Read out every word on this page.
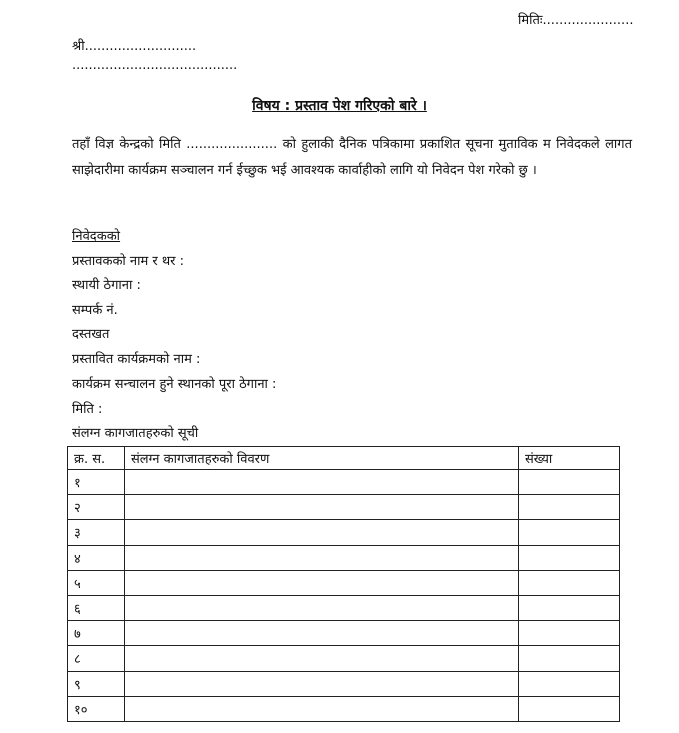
मितिः......................
श्री...........................
........................................
विषय : प्रस्ताव पेश गरिएको बारे ।
तहाँ विज्ञ केन्द्रको मिति ...................... को हुलाकी दैनिक पत्रिकामा प्रकाशित सूचना मुताविक म निवेदकले लागत साझेदारीमा कार्यक्रम सञ्चालन गर्न ईच्छुक भई आवश्यक कार्वाहीको लागि यो निवेदन पेश गरेको छु ।
निवेदकको
प्रस्तावकको नाम र थर :
स्थायी ठेगाना :
सम्पर्क नं.
दस्तखत
प्रस्तावित कार्यक्रमको नाम :
कार्यक्रम सन्चालन हुने स्थानको पूरा ठेगाना :
मिति :
संलग्न कागजातहरुको सूची
क्र. स.	संलग्न कागजातहरुको विवरण	संख्या
१		
२		
३		
४		
५		
६		
७		
८		
९		
१०		
